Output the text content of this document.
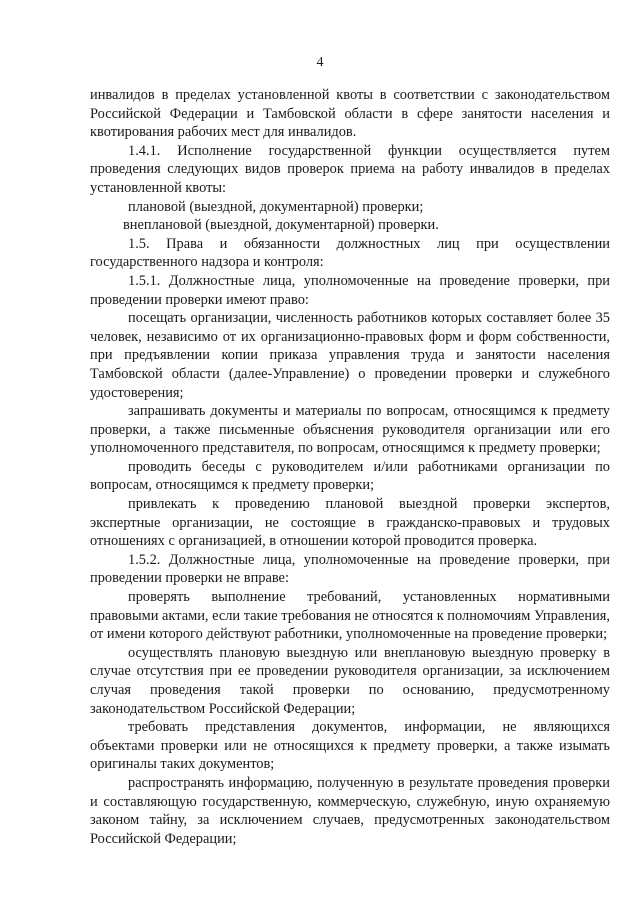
4

инвалидов в пределах установленной квоты в соответствии с законодательством Российской Федерации и Тамбовской области в сфере занятости населения и квотирования рабочих мест для инвалидов.

1.4.1. Исполнение государственной функции осуществляется путем проведения следующих видов проверок приема на работу инвалидов в пределах установленной квоты:

плановой (выездной, документарной) проверки;

внеплановой (выездной, документарной) проверки.

1.5. Права и обязанности должностных лиц при осуществлении государственного надзора и контроля:

1.5.1. Должностные лица, уполномоченные на проведение проверки, при проведении проверки имеют право:

посещать организации, численность работников которых составляет более 35 человек, независимо от их организационно-правовых форм и форм собственности, при предъявлении копии приказа управления труда и занятости населения Тамбовской области (далее-Управление) о проведении проверки и служебного удостоверения;

запрашивать документы и материалы по вопросам, относящимся к предмету проверки, а также письменные объяснения руководителя организации или его уполномоченного представителя, по вопросам, относящимся к предмету проверки;

проводить беседы с руководителем и/или работниками организации по вопросам, относящимся к предмету проверки;

привлекать к проведению плановой выездной проверки экспертов, экспертные организации, не состоящие в гражданско-правовых и трудовых отношениях с организацией, в отношении которой проводится проверка.

1.5.2. Должностные лица, уполномоченные на проведение проверки, при проведении проверки не вправе:

проверять выполнение требований, установленных нормативными правовыми актами, если такие требования не относятся к полномочиям Управления, от имени которого действуют работники, уполномоченные на проведение проверки;

осуществлять плановую выездную или внеплановую выездную проверку в случае отсутствия при ее проведении руководителя организации, за исключением случая проведения такой проверки по основанию, предусмотренному законодательством Российской Федерации;

требовать представления документов, информации, не являющихся объектами проверки или не относящихся к предмету проверки, а также изымать оригиналы таких документов;

распространять информацию, полученную в результате проведения проверки и составляющую государственную, коммерческую, служебную, иную охраняемую законом тайну, за исключением случаев, предусмотренных законодательством Российской Федерации;
